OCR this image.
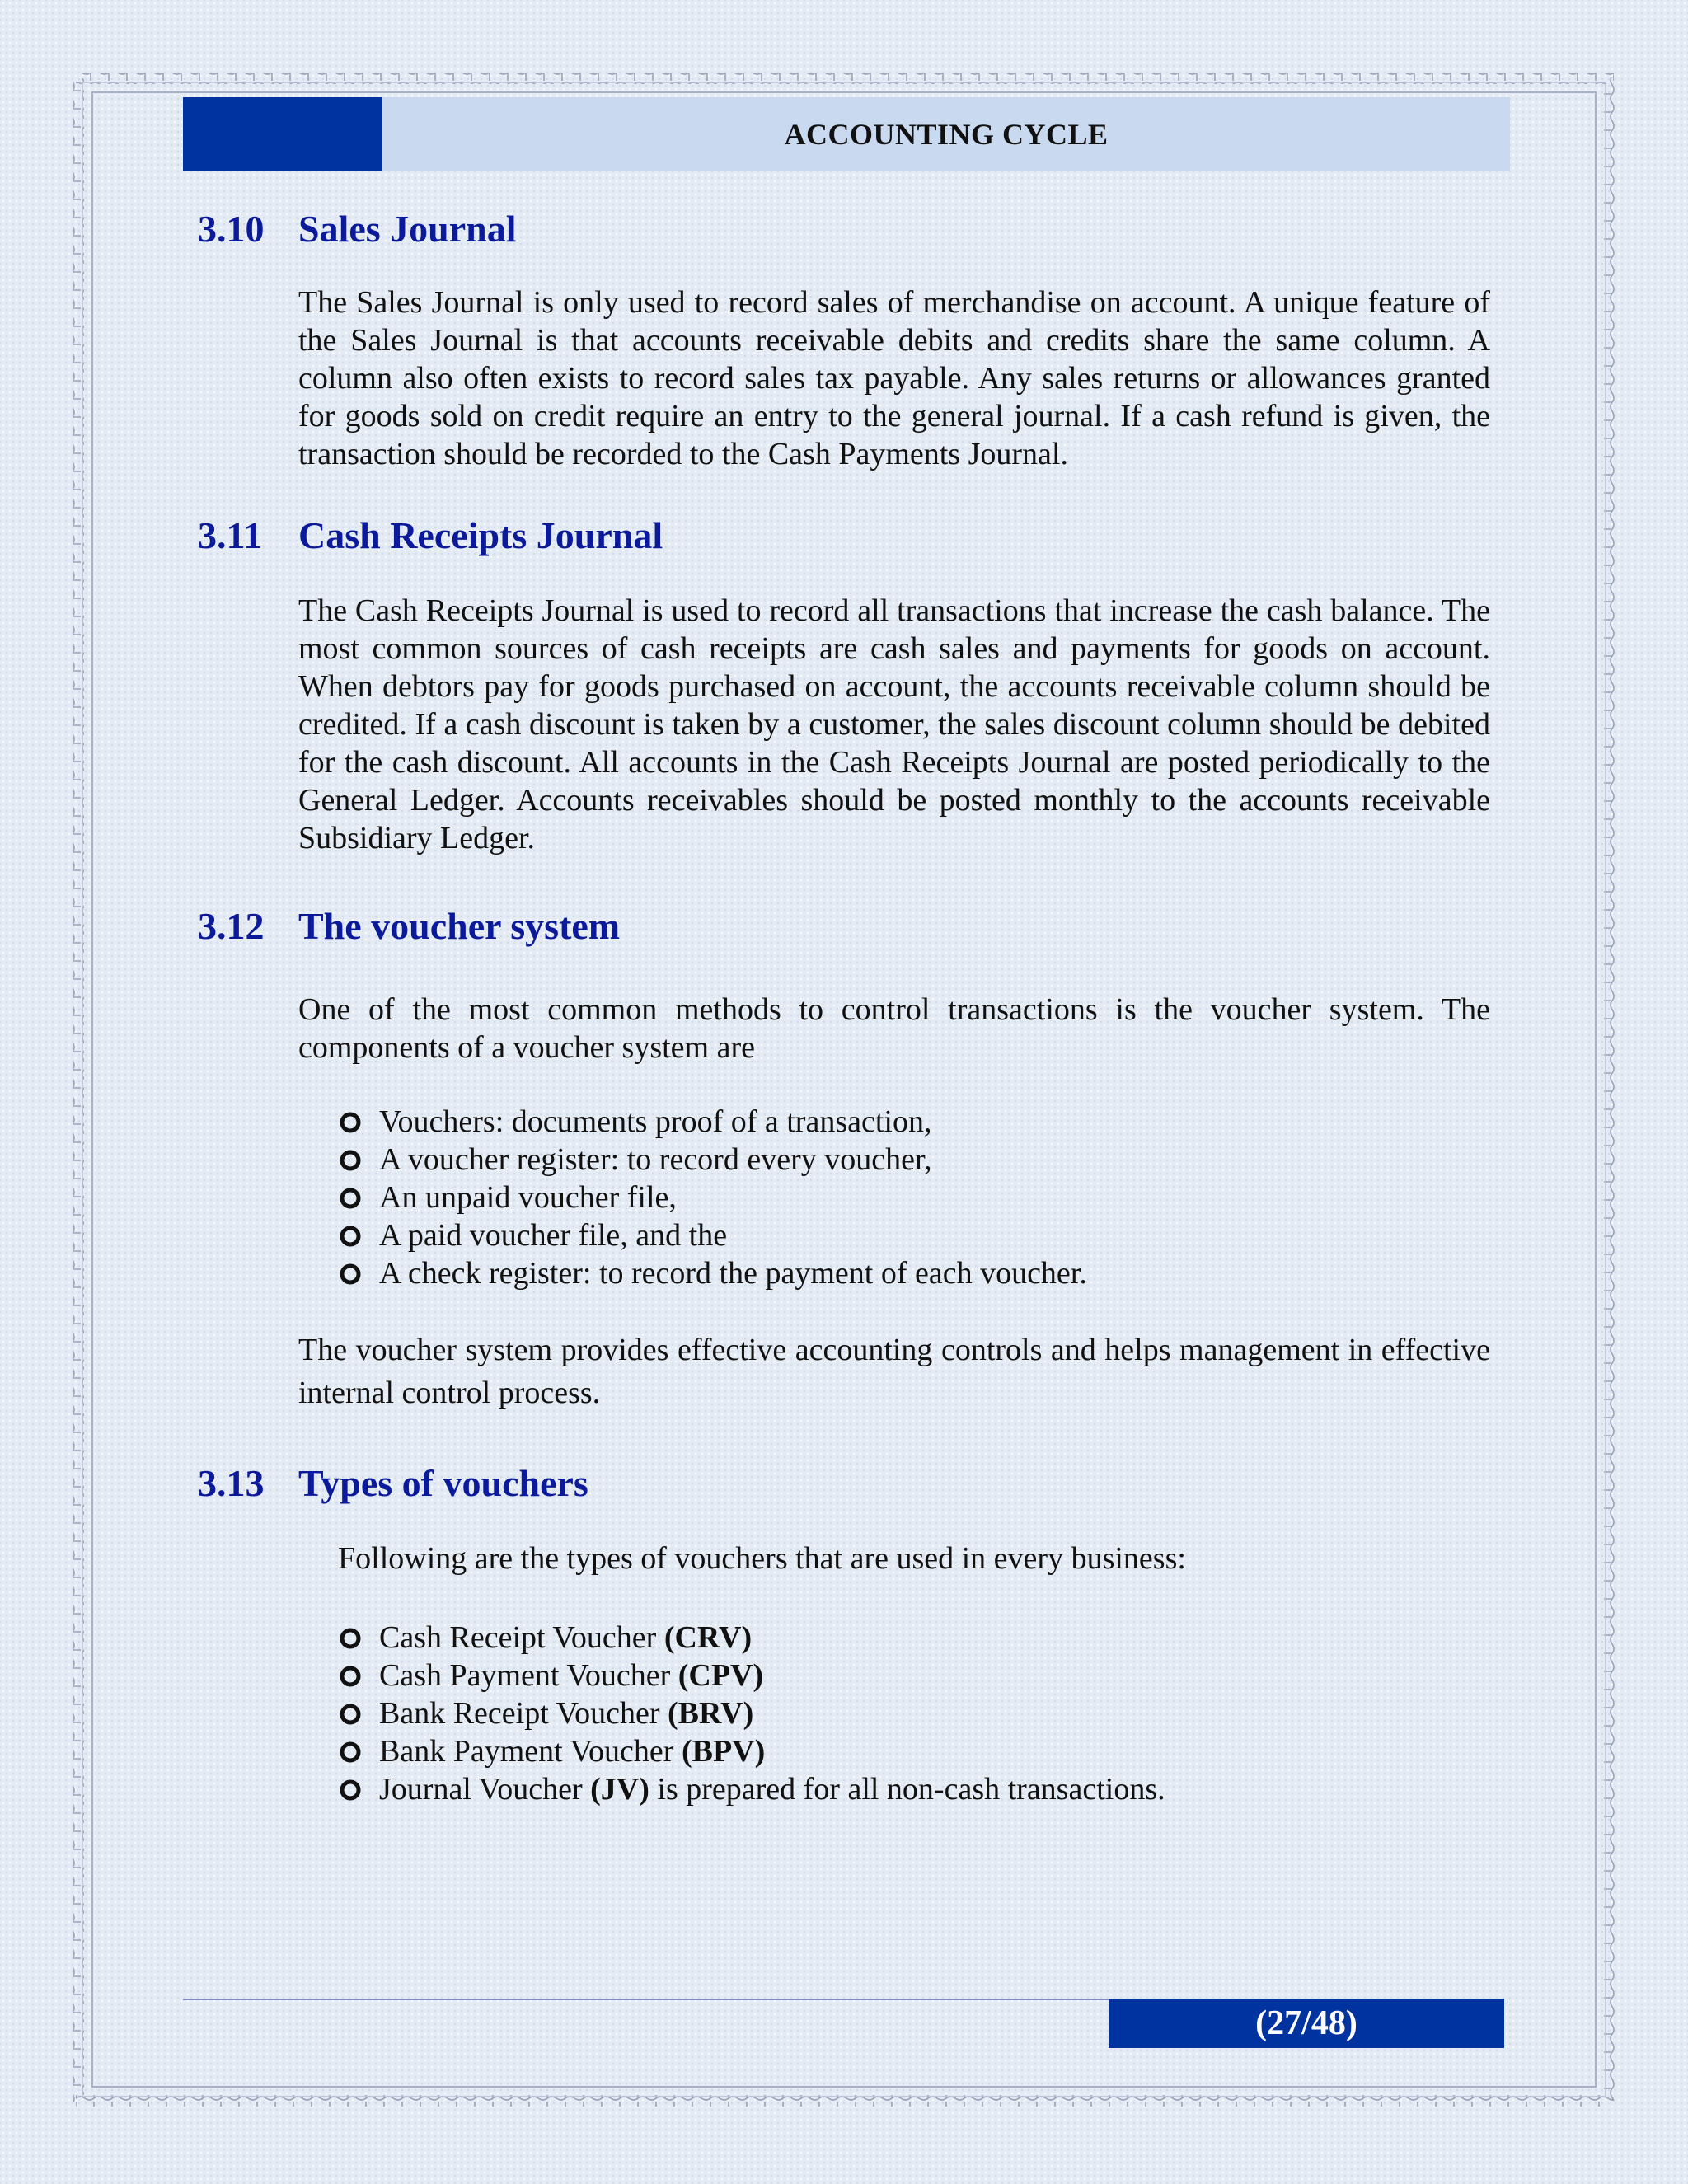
ACCOUNTING CYCLE
3.10 Sales Journal

The Sales Journal is only used to record sales of merchandise on account. A unique feature of the Sales Journal is that accounts receivable debits and credits share the same column. A column also often exists to record sales tax payable. Any sales returns or allowances granted for goods sold on credit require an entry to the general journal. If a cash refund is given, the transaction should be recorded to the Cash Payments Journal.

3.11 Cash Receipts Journal

The Cash Receipts Journal is used to record all transactions that increase the cash balance. The most common sources of cash receipts are cash sales and payments for goods on account. When debtors pay for goods purchased on account, the accounts receivable column should be credited. If a cash discount is taken by a customer, the sales discount column should be debited for the cash discount. All accounts in the Cash Receipts Journal are posted periodically to the General Ledger. Accounts receivables should be posted monthly to the accounts receivable Subsidiary Ledger.

3.12 The voucher system

One of the most common methods to control transactions is the voucher system. The components of a voucher system are

Vouchers: documents proof of a transaction,
A voucher register: to record every voucher,
An unpaid voucher file,
A paid voucher file, and the
A check register: to record the payment of each voucher.

The voucher system provides effective accounting controls and helps management in effective internal control process.

3.13 Types of vouchers

Following are the types of vouchers that are used in every business:

Cash Receipt Voucher (CRV)
Cash Payment Voucher (CPV)
Bank Receipt Voucher (BRV)
Bank Payment Voucher (BPV)
Journal Voucher (JV) is prepared for all non-cash transactions.
(27/48)
